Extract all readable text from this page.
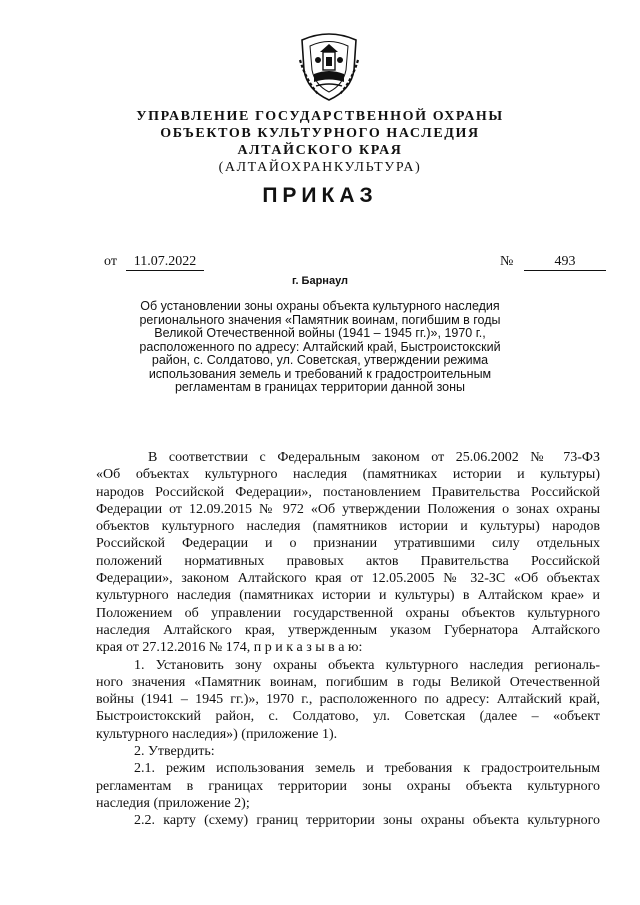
УПРАВЛЕНИЕ ГОСУДАРСТВЕННОЙ ОХРАНЫ
ОБЪЕКТОВ КУЛЬТУРНОГО НАСЛЕДИЯ
АЛТАЙСКОГО КРАЯ
(АЛТАЙОХРАНКУЛЬТУРА)
ПРИКАЗ
от	11.07.2022	№	493
г. Барнаул
Об установлении зоны охраны объекта культурного наследия
регионального значения «Памятник воинам, погибшим в годы
Великой Отечественной войны (1941 – 1945 гг.)», 1970 г.,
расположенного по адресу: Алтайский край, Быстроистокский
район, с. Солдатово, ул. Советская, утверждении режима
использования земель и требований к градостроительным
регламентам в границах территории данной зоны
В соответствии с Федеральным законом от 25.06.2002 № 73-ФЗ
«Об объектах культурного наследия (памятниках истории и культуры)
народов Российской Федерации», постановлением Правительства Российской
Федерации от 12.09.2015 № 972 «Об утверждении Положения о зонах охраны
объектов культурного наследия (памятников истории и культуры) народов
Российской Федерации и о признании утратившими силу отдельных
положений нормативных правовых актов Правительства Российской
Федерации», законом Алтайского края от 12.05.2005 № 32-ЗС «Об объектах
культурного наследия (памятниках истории и культуры) в Алтайском крае» и
Положением об управлении государственной охраны объектов культурного
наследия Алтайского края, утвержденным указом Губернатора Алтайского
края от 27.12.2016 № 174, п р и к а з ы в а ю:
1. Установить зону охраны объекта культурного наследия региональ-
ного значения «Памятник воинам, погибшим в годы Великой Отечественной
войны (1941 – 1945 гг.)», 1970 г., расположенного по адресу: Алтайский край,
Быстроистокский район, с. Солдатово, ул. Советская (далее – «объект
культурного наследия») (приложение 1).
2. Утвердить:
2.1. режим использования земель и требования к градостроительным
регламентам в границах территории зоны охраны объекта культурного
наследия (приложение 2);
2.2. карту (схему) границ территории зоны охраны объекта культурного
